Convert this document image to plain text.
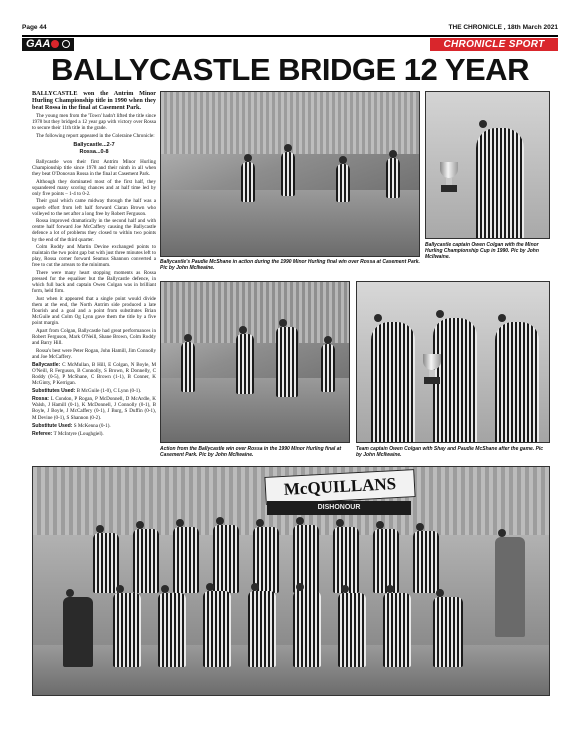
Page 44	THE CHRONICLE , 18th March 2021
GAA	CHRONICLE SPORT
BALLYCASTLE BRIDGE 12 YEAR

BALLYCASTLE won the Antrim Minor Hurling Championship title in 1990 when they beat Rossa in the final at Casement Park.

The young men from the 'Town' hadn't lifted the title since 1978 but they bridged a 12 year gap with victory over Rossa to secure their 11th title in the grade.

The following report appeared in the Coleraine Chronicle:

Ballycastle...2-7
Rossa...0-8

Ballycastle won their first Antrim Minor Hurling Championship title since 1978 and their ninth in all when they beat O'Donovan Rossa in the final at Casement Park.

Although they dominated most of the first half, they squandered many scoring chances and at half time led by only five points – 1-4 to 0-2.

Their goal which came midway through the half was a superb effort from left half forward Ciaran Brown who volleyed to the net after a long free by Robert Ferguson.

Rossa improved dramatically in the second half and with centre half forward Joe McCaffery causing the Ballycastle defence a lot of problems they closed to within two points by the end of the third quarter.

Colm Roddy and Martin Devine exchanged points to maintain the two point gap but with just three minutes left to play, Rossa corner forward Seamus Shannon converted a free to cut the arrears to the minimum.

There were many heart stopping moments as Rossa pressed for the equaliser but the Ballycastle defence, in which full back and captain Owen Colgan was in brilliant form, held firm.

Just when it appeared that a single point would divide them at the end, the North Antrim side produced a late flourish and a goal and a point from substitutes Brian McGuile and Colm Og Lynn gave them the title by a five point margin.

Apart from Colgan, Ballycastle had great performances in Robert Ferguson, Mark O'Neill, Shane Brown, Colm Roddy and Barry Hill.

Rossa's best were Peter Rogan, John Hamill, Jim Connolly and Joe McCaffery.

Ballycastle: C McMullan, B Hill, E Colgan, N Boyle, M O'Neill, R Ferguson, B Connolly, S Brown, R Donnelly, C Roddy (0-5), P McShane, C Brown (1-1), B Conner, K McGinty, P Kerrigan.

Substitutes Used: B McGuile (1-0), C Lynn (0-1).

Rossa: L Condon, P Rogan, P McDonnell, D McArdle, K Walsh, J Hamill (0-1), K McDonnell, J Connolly (0-1), B Boyle, J Boyle, J McCaffery (0-1), J Burg, S Duffin (0-1), M Devine (0-1), S Shannon (0-2).

Substitute Used: S McKenna (0-1).

Referee: T McIntyre (Loughgiel).

Ballycastle's Paudie McShane in action during the 1990 Minor Hurling final win over Rossa at Casement Park. Pic by John McIlwaine.
Ballycastle captain Owen Colgan with the Minor Hurling Championship Cup in 1990. Pic by John McIlwaine.
Action from the Ballycastle win over Rossa in the 1990 Minor Hurling final at Casement Park. Pic by John McIlwaine.
Team captain Owen Colgan with Shay and Paudie McShane after the game. Pic by John McIlwaine.
McQUILLANS
DISHONOUR
